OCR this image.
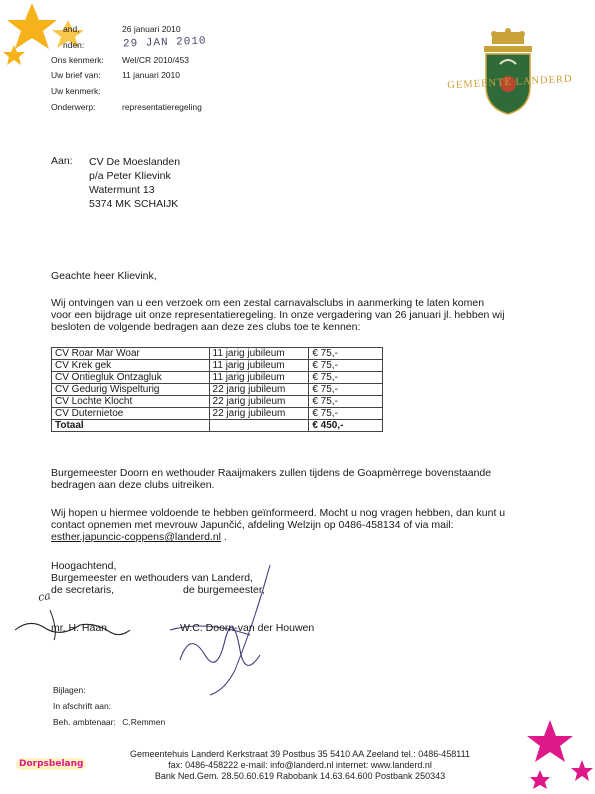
and,	26 januari 2010
nden:	29 JAN 2010
Ons kenmerk: Wel/CR 2010/453
Uw brief van:	11 januari 2010
Uw kenmerk:
Onderwerp:	representatieregeling
GEMEENTE LANDERD
Aan: CV De Moeslanden
p/a Peter Klievink
Watermunt 13
5374 MK SCHAIJK
Geachte heer Klievink,
Wij ontvingen van u een verzoek om een zestal carnavalsclubs in aanmerking te laten komen
voor een bijdrage uit onze representatieregeling. In onze vergadering van 26 januari jl. hebben wij
besloten de volgende bedragen aan deze zes clubs toe te kennen:
CV Roar Mar Woar	11 jarig jubileum	€ 75,-
CV Krek gek	11 jarig jubileum	€ 75,-
CV Ontiegluk Ontzagluk	11 jarig jubileum	€ 75,-
CV Gedurig Wispelturig	22 jarig jubileum	€ 75,-
CV Lochte Klocht	22 jarig jubileum	€ 75,-
CV Duternietoe	22 jarig jubileum	€ 75,-
Totaal		€ 450,-
Burgemeester Doorn en wethouder Raaijmakers zullen tijdens de Goapmèrrege bovenstaande
bedragen aan deze clubs uitreiken.
Wij hopen u hiermee voldoende te hebben geïnformeerd. Mocht u nog vragen hebben, dan kunt u
contact opnemen met mevrouw Japunčić, afdeling Welzijn op 0486-458134 of via mail:
esther.japuncic-coppens@landerd.nl .
Hoogachtend,
Burgemeester en wethouders van Landerd,
de secretaris,	de burgemeester,
ca
mr. H. Haan	W.C. Doorn-van der Houwen
Bijlagen:
In afschrift aan:
Beh. ambtenaar: C.Remmen
Gemeentehuis Landerd Kerkstraat 39 Postbus 35 5410 AA Zeeland tel.: 0486-458111
fax: 0486-458222 e-mail: info@landerd.nl internet: www.landerd.nl
Bank Ned.Gem. 28.50.60.619 Rabobank 14.63.64.600 Postbank 250343
Dorpsbelang
